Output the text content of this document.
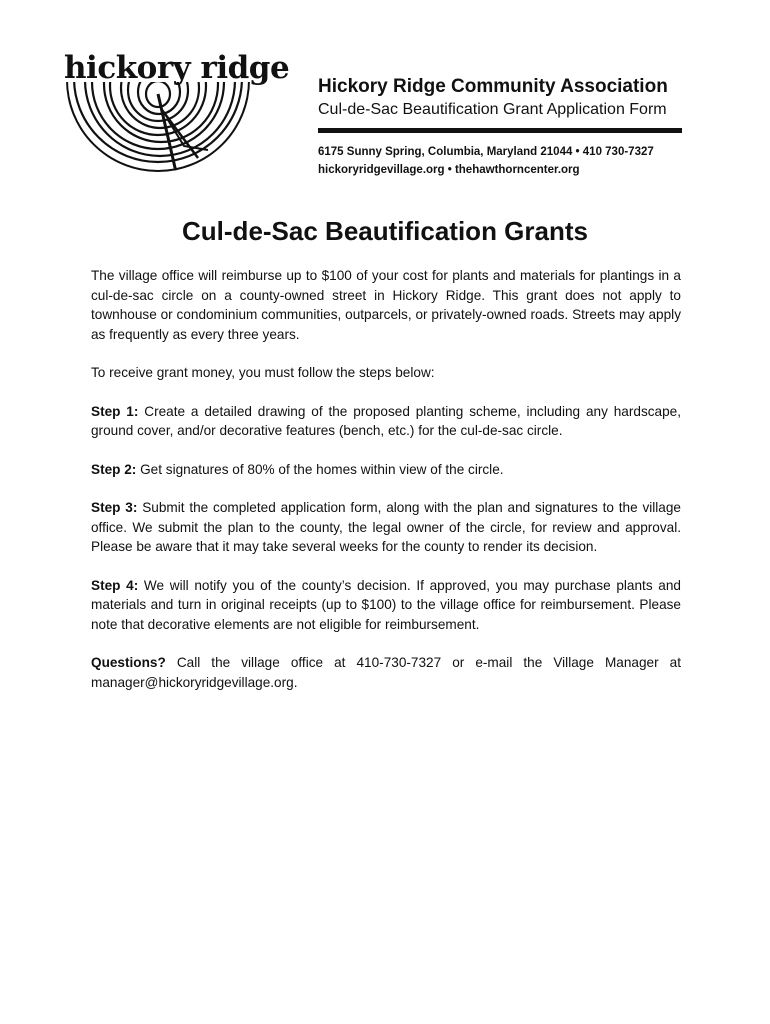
hickory ridge
Hickory Ridge Community Association
Cul-de-Sac Beautification Grant Application Form
6175 Sunny Spring, Columbia, Maryland 21044 • 410 730-7327
hickoryridgevillage.org • thehawthorncenter.org
Cul-de-Sac Beautification Grants

The village office will reimburse up to $100 of your cost for plants and materials for plantings in a cul-de-sac circle on a county-owned street in Hickory Ridge. This grant does not apply to townhouse or condominium communities, outparcels, or privately-owned roads. Streets may apply as frequently as every three years.

To receive grant money, you must follow the steps below:

Step 1: Create a detailed drawing of the proposed planting scheme, including any hardscape, ground cover, and/or decorative features (bench, etc.) for the cul-de-sac circle.

Step 2: Get signatures of 80% of the homes within view of the circle.

Step 3: Submit the completed application form, along with the plan and signatures to the village office. We submit the plan to the county, the legal owner of the circle, for review and approval. Please be aware that it may take several weeks for the county to render its decision.

Step 4: We will notify you of the county’s decision. If approved, you may purchase plants and materials and turn in original receipts (up to $100) to the village office for reimbursement. Please note that decorative elements are not eligible for reimbursement.

Questions? Call the village office at 410-730-7327 or e-mail the Village Manager at manager@hickoryridgevillage.org.
